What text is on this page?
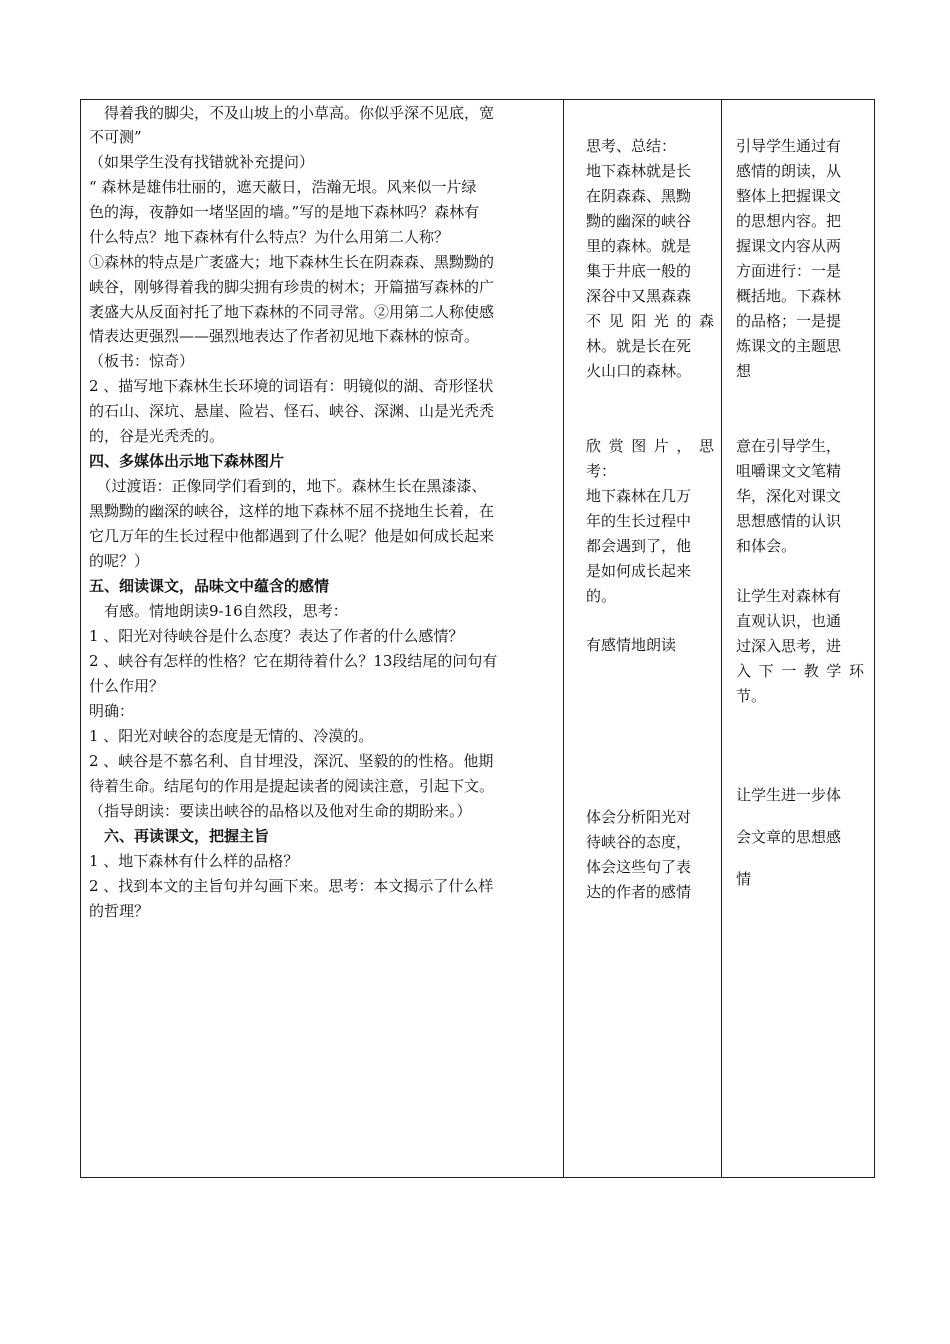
　得着我的脚尖，不及山坡上的小草高。你似乎深不见底，宽
不可测”
（如果学生没有找错就补充提问）
“ 森林是雄伟壮丽的，遮天蔽日，浩瀚无垠。风来似一片绿
色的海，夜静如一堵坚固的墙。”写的是地下森林吗？森林有
什么特点？地下森林有什么特点？为什么用第二人称？
①森林的特点是广袤盛大；地下森林生长在阴森森、黑黝黝的
峡谷，刚够得着我的脚尖拥有珍贵的树木；开篇描写森林的广
袤盛大从反面衬托了地下森林的不同寻常。②用第二人称使感
情表达更强烈——强烈地表达了作者初见地下森林的惊奇。
（板书：惊奇）
2 、描写地下森林生长环境的词语有：明镜似的湖、奇形怪状
的石山、深坑、悬崖、险岩、怪石、峡谷、深渊、山是光秃秃
的，谷是光秃秃的。
四、多媒体出示地下森林图片
　（过渡语：正像同学们看到的，地下。森林生长在黑漆漆、
黑黝黝的幽深的峡谷，这样的地下森林不屈不挠地生长着，在
它几万年的生长过程中他都遇到了什么呢？他是如何成长起来
的呢？）
五、细读课文，品味文中蕴含的感情
　有感。情地朗读9-16自然段，思考：
1 、阳光对待峡谷是什么态度？表达了作者的什么感情？
2 、峡谷有怎样的性格？它在期待着什么？13段结尾的问句有
什么作用？
明确：
1 、阳光对峡谷的态度是无情的、冷漠的。
2 、峡谷是不慕名利、自甘埋没，深沉、坚毅的的性格。他期
待着生命。结尾句的作用是提起读者的阅读注意，引起下文。
（指导朗读：要读出峡谷的品格以及他对生命的期盼来。）
　六、再读课文，把握主旨
1 、地下森林有什么样的品格？
2 、找到本文的主旨句并勾画下来。思考：本文揭示了什么样
的哲理？
思考、总结：
地下森林就是长
在阴森森、黑黝
黝的幽深的峡谷
里的森林。就是
集于井底一般的
深谷中又黑森森
不见阳光的森
林。就是长在死
火山口的森林。
欣赏图片，思
考：
地下森林在几万
年的生长过程中
都会遇到了，他
是如何成长起来
的。
有感情地朗读
体会分析阳光对
待峡谷的态度，
体会这些句了表
达的作者的感情
引导学生通过有
感情的朗读，从
整体上把握课文
的思想内容。把
握课文内容从两
方面进行：一是
概括地。下森林
的品格；一是提
炼课文的主题思
想
意在引导学生，
咀嚼课文文笔精
华，深化对课文
思想感情的认识
和体会。
让学生对森林有
直观认识，也通
过深入思考，进
入下一教学环
节。
让学生进一步体
会文章的思想感
情
